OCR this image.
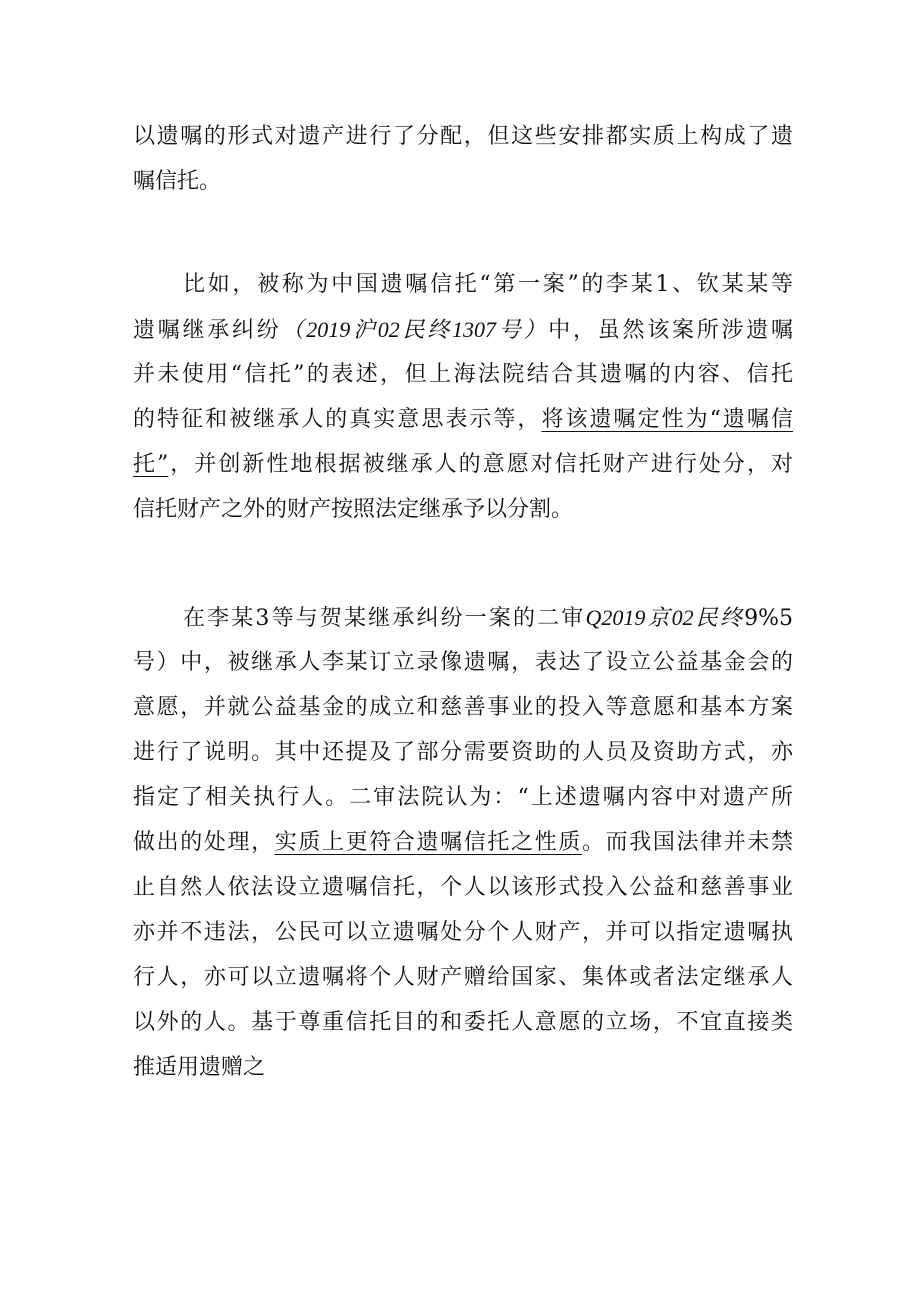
以遗嘱的形式对遗产进行了分配，但这些安排都实质上构成了遗
嘱信托。
比如，被称为中国遗嘱信托“第一案”的李某1、钦某某等
遗嘱继承纠纷（2019沪02民终1307号）中，虽然该案所涉遗嘱
并未使用“信托”的表述，但上海法院结合其遗嘱的内容、信托
的特征和被继承人的真实意思表示等，将该遗嘱定性为“遗嘱信
托”，并创新性地根据被继承人的意愿对信托财产进行处分，对
信托财产之外的财产按照法定继承予以分割。
在李某3等与贺某继承纠纷一案的二审Q2019京02民终9%5
号）中，被继承人李某订立录像遗嘱，表达了设立公益基金会的
意愿，并就公益基金的成立和慈善事业的投入等意愿和基本方案
进行了说明。其中还提及了部分需要资助的人员及资助方式，亦
指定了相关执行人。二审法院认为：“上述遗嘱内容中对遗产所
做出的处理，实质上更符合遗嘱信托之性质。而我国法律并未禁
止自然人依法设立遗嘱信托，个人以该形式投入公益和慈善事业
亦并不违法，公民可以立遗嘱处分个人财产，并可以指定遗嘱执
行人，亦可以立遗嘱将个人财产赠给国家、集体或者法定继承人
以外的人。基于尊重信托目的和委托人意愿的立场，不宜直接类
推适用遗赠之
